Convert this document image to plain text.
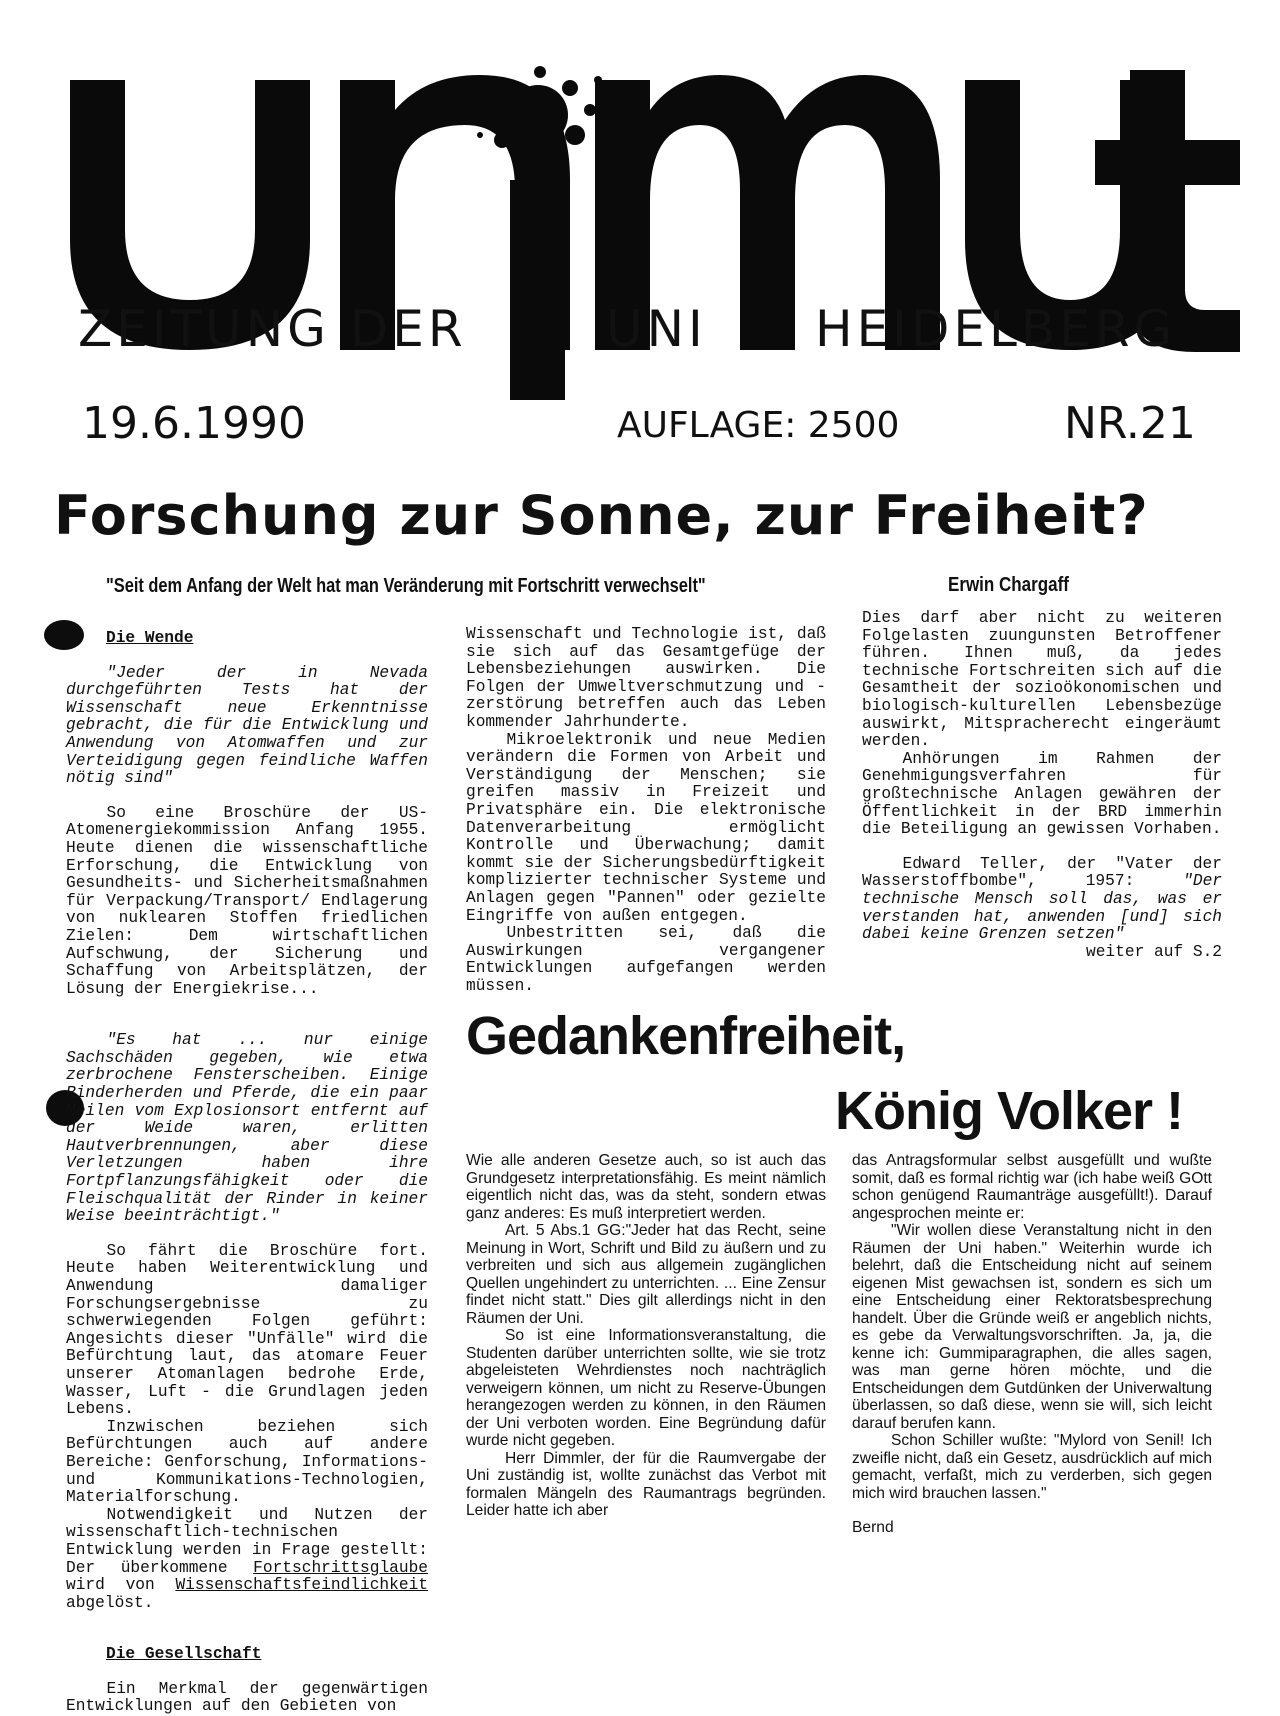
ZEITUNG DER	UNI HEIDELBERG
19.6.1990	AUFLAGE: 2500	NR.21
Forschung zur Sonne, zur Freiheit?
"Seit dem Anfang der Welt hat man Veränderung mit Fortschritt verwechselt"	Erwin Chargaff

Die Wende

"Jeder der in Nevada durchgeführten Tests hat der Wissenschaft neue Erkenntnisse gebracht, die für die Entwicklung und Anwendung von Atomwaffen und zur Verteidigung gegen feindliche Waffen nötig sind"

So eine Broschüre der US-Atomenergiekommission Anfang 1955. Heute dienen die wissenschaftliche Erforschung, die Entwicklung von Gesundheits- und Sicherheitsmaßnahmen für Verpackung/Transport/ Endlagerung von nuklearen Stoffen friedlichen Zielen: Dem wirtschaftlichen Aufschwung, der Sicherung und Schaffung von Arbeitsplätzen, der Lösung der Energiekrise...

"Es hat ... nur einige Sachschäden gegeben, wie etwa zerbrochene Fensterscheiben. Einige Rinderherden und Pferde, die ein paar Meilen vom Explosionsort entfernt auf der Weide waren, erlitten Hautverbrennungen, aber diese Verletzungen haben ihre Fortpflanzungsfähigkeit oder die Fleischqualität der Rinder in keiner Weise beeinträchtigt."

So fährt die Broschüre fort. Heute haben Weiterentwicklung und Anwendung damaliger Forschungsergebnisse zu schwerwiegenden Folgen geführt: Angesichts dieser "Unfälle" wird die Befürchtung laut, das atomare Feuer unserer Atomanlagen bedrohe Erde, Wasser, Luft - die Grundlagen jeden Lebens.

Inzwischen beziehen sich Befürchtungen auch auf andere Bereiche: Genforschung, Informations- und Kommunikations-Technologien, Materialforschung.

Notwendigkeit und Nutzen der wissenschaftlich-technischen Entwicklung werden in Frage gestellt: Der überkommene Fortschrittsglaube wird von Wissenschaftsfeindlichkeit abgelöst.

Die Gesellschaft

Ein Merkmal der gegenwärtigen Entwicklungen auf den Gebieten von

Wissenschaft und Technologie ist, daß sie sich auf das Gesamtgefüge der Lebensbeziehungen auswirken. Die Folgen der Umweltverschmutzung und -zerstörung betreffen auch das Leben kommender Jahrhunderte.

Mikroelektronik und neue Medien verändern die Formen von Arbeit und Verständigung der Menschen; sie greifen massiv in Freizeit und Privatsphäre ein. Die elektronische Datenverarbeitung ermöglicht Kontrolle und Überwachung; damit kommt sie der Sicherungsbedürftigkeit komplizierter technischer Systeme und Anlagen gegen "Pannen" oder gezielte Eingriffe von außen entgegen.

Unbestritten sei, daß die Auswirkungen vergangener Entwicklungen aufgefangen werden müssen.

Dies darf aber nicht zu weiteren Folgelasten zuungunsten Betroffener führen. Ihnen muß, da jedes technische Fortschreiten sich auf die Gesamtheit der sozioökonomischen und biologisch-kulturellen Lebensbezüge auswirkt, Mitspracherecht eingeräumt werden.

Anhörungen im Rahmen der Genehmigungsverfahren für großtechnische Anlagen gewähren der Öffentlichkeit in der BRD immerhin die Beteiligung an gewissen Vorhaben.

Edward Teller, der "Vater der Wasserstoffbombe", 1957:	"Der technische Mensch soll das, was er verstanden hat, anwenden [und] sich dabei keine Grenzen setzen"

weiter auf S.2

Gedankenfreiheit,
König Volker !

Wie alle anderen Gesetze auch, so ist auch das Grundgesetz interpretationsfähig. Es meint nämlich eigentlich nicht das, was da steht, sondern etwas ganz anderes: Es muß interpretiert werden.

Art. 5 Abs.1 GG:"Jeder hat das Recht, seine Meinung in Wort, Schrift und Bild zu äußern und zu verbreiten und sich aus allgemein zugänglichen Quellen ungehindert zu unterrichten. ... Eine Zensur findet nicht statt." Dies gilt allerdings nicht in den Räumen der Uni.

So ist eine Informationsveranstaltung, die Studenten darüber unterrichten sollte, wie sie trotz abgeleisteten Wehrdienstes noch nachträglich verweigern können, um nicht zu Reserve-Übungen herangezogen werden zu können, in den Räumen der Uni verboten worden. Eine Begründung dafür wurde nicht gegeben.

Herr Dimmler, der für die Raumvergabe der Uni zuständig ist, wollte zunächst das Verbot mit formalen Mängeln des Raumantrags begründen. Leider hatte ich aber

das Antragsformular selbst ausgefüllt und wußte somit, daß es formal richtig war (ich habe weiß GOtt schon genügend Raumanträge ausgefüllt!). Darauf angesprochen meinte er:

"Wir wollen diese Veranstaltung nicht in den Räumen der Uni haben." Weiterhin wurde ich belehrt, daß die Entscheidung nicht auf seinem eigenen Mist gewachsen ist, sondern es sich um eine Entscheidung einer Rektoratsbesprechung handelt. Über die Gründe weiß er angeblich nichts, es gebe da Verwaltungsvorschriften. Ja, ja, die kenne ich: Gummiparagraphen, die alles sagen, was man gerne hören möchte, und die Entscheidungen dem Gutdünken der Univerwaltung überlassen, so daß diese, wenn sie will, sich leicht darauf berufen kann.

Schon Schiller wußte: "Mylord von Senil! Ich zweifle nicht, daß ein Gesetz, ausdrücklich auf mich gemacht, verfaßt, mich zu verderben, sich gegen mich wird brauchen lassen."

Bernd
